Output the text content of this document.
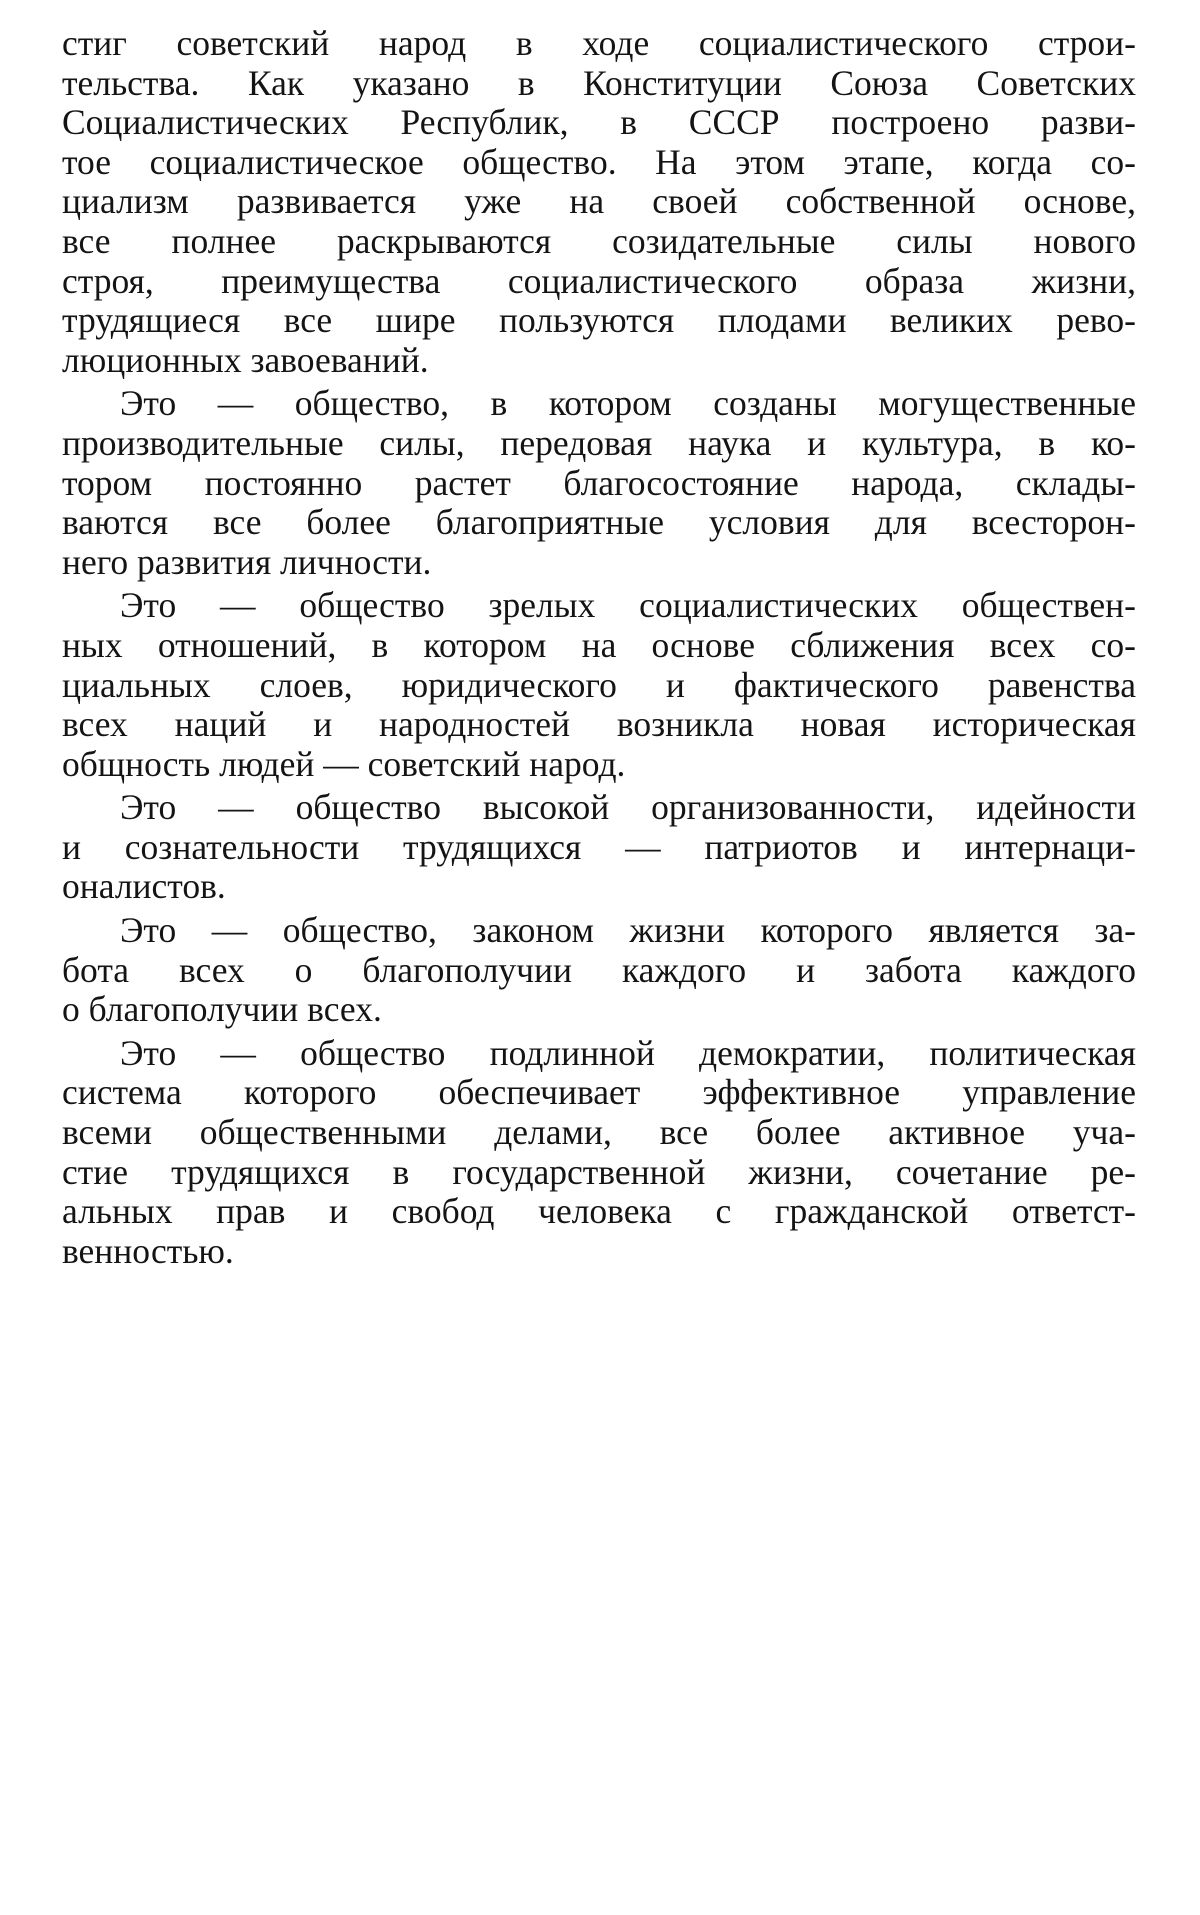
стиг советский народ в ходе социалистического строи-
тельства. Как указано в Конституции Союза Советских
Социалистических Республик, в СССР построено разви-
тое социалистическое общество. На этом этапе, когда со-
циализм развивается уже на своей собственной основе,
все полнее раскрываются созидательные силы нового
строя, преимущества социалистического образа жизни,
трудящиеся все шире пользуются плодами великих рево-
люционных завоеваний.
Это — общество, в котором созданы могущественные
производительные силы, передовая наука и культура, в ко-
тором постоянно растет благосостояние народа, склады-
ваются все более благоприятные условия для всесторон-
него развития личности.
Это — общество зрелых социалистических обществен-
ных отношений, в котором на основе сближения всех со-
циальных слоев, юридического и фактического равенства
всех наций и народностей возникла новая историческая
общность людей — советский народ.
Это — общество высокой организованности, идейности
и сознательности трудящихся — патриотов и интернаци-
оналистов.
Это — общество, законом жизни которого является за-
бота всех о благополучии каждого и забота каждого
о благополучии всех.
Это — общество подлинной демократии, политическая
система которого обеспечивает эффективное управление
всеми общественными делами, все более активное уча-
стие трудящихся в государственной жизни, сочетание ре-
альных прав и свобод человека с гражданской ответст-
венностью.
